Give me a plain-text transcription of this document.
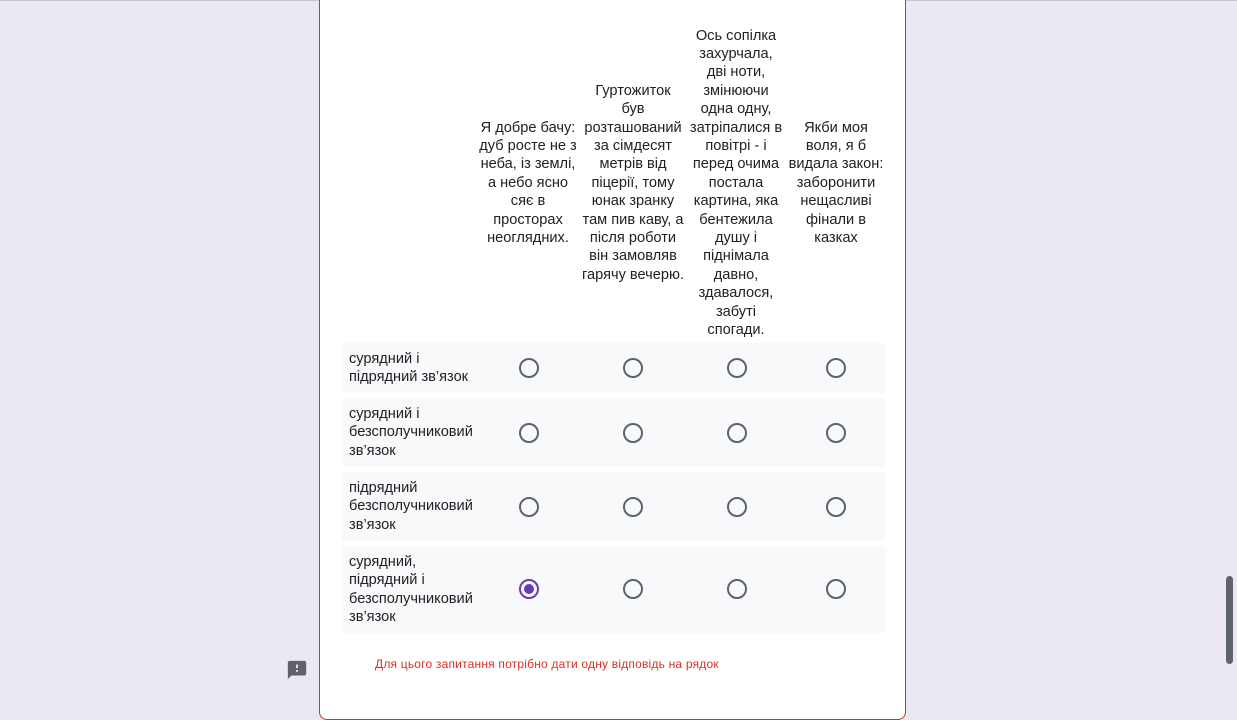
Я добре бачу: дуб росте не з неба, із землі, а небо ясно сяє в просторах неоглядних.
Гуртожиток був розташований за сімдесят метрів від піцерії, тому юнак зранку там пив каву, а після роботи він замовляв гарячу вечерю.
Ось сопілка захурчала, дві ноти, змінюючи одна одну, затріпалися в повітрі - і перед очима постала картина, яка бентежила душу і піднімала давно, здавалося, забуті спогади.
Якби моя воля, я б видала закон: заборонити нещасливі фінали в казках
сурядний і підрядний зв’язок
сурядний і безсполучниковий зв’язок
підрядний безсполучниковий зв’язок
сурядний, підрядний і безсполучниковий зв’язок
Для цього запитання потрібно дати одну відповідь на рядок
